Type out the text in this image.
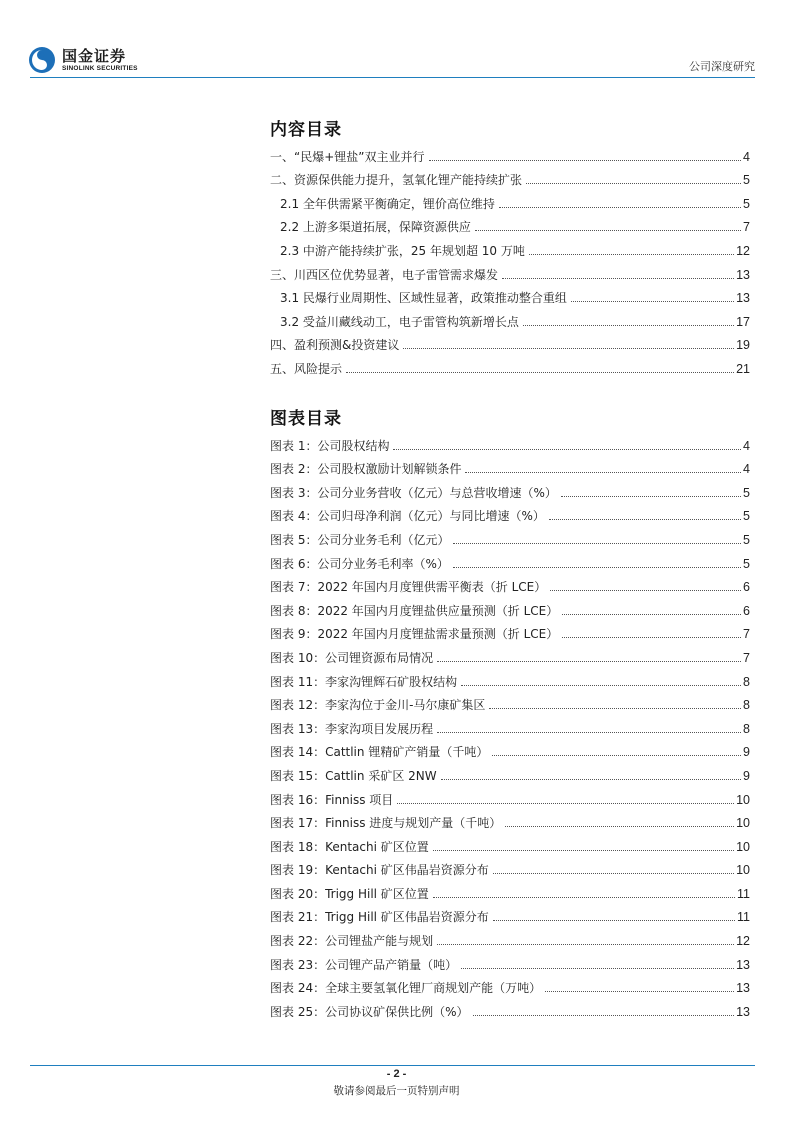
国金证券
SINOLINK SECURITIES	公司深度研究
内容目录
一、“民爆+锂盐”双主业并行	4
二、资源保供能力提升，氢氧化锂产能持续扩张	5
2.1 全年供需紧平衡确定，锂价高位维持	5
2.2 上游多渠道拓展，保障资源供应	7
2.3 中游产能持续扩张，25 年规划超 10 万吨	12
三、川西区位优势显著，电子雷管需求爆发	13
3.1 民爆行业周期性、区域性显著，政策推动整合重组	13
3.2 受益川藏线动工，电子雷管构筑新增长点	17
四、盈利预测&投资建议	19
五、风险提示	21
图表目录
图表 1：公司股权结构	4
图表 2：公司股权激励计划解锁条件	4
图表 3：公司分业务营收（亿元）与总营收增速（%）	5
图表 4：公司归母净利润（亿元）与同比增速（%）	5
图表 5：公司分业务毛利（亿元）	5
图表 6：公司分业务毛利率（%）	5
图表 7：2022 年国内月度锂供需平衡表（折 LCE）	6
图表 8：2022 年国内月度锂盐供应量预测（折 LCE）	6
图表 9：2022 年国内月度锂盐需求量预测（折 LCE）	7
图表 10：公司锂资源布局情况	7
图表 11：李家沟锂辉石矿股权结构	8
图表 12：李家沟位于金川-马尔康矿集区	8
图表 13：李家沟项目发展历程	8
图表 14：Cattlin 锂精矿产销量（千吨）	9
图表 15：Cattlin 采矿区 2NW	9
图表 16：Finniss 项目	10
图表 17：Finniss 进度与规划产量（千吨）	10
图表 18：Kentachi 矿区位置	10
图表 19：Kentachi 矿区伟晶岩资源分布	10
图表 20：Trigg Hill 矿区位置	11
图表 21：Trigg Hill 矿区伟晶岩资源分布	11
图表 22：公司锂盐产能与规划	12
图表 23：公司锂产品产销量（吨）	13
图表 24：全球主要氢氧化锂厂商规划产能（万吨）	13
图表 25：公司协议矿保供比例（%）	13
- 2 -
敬请参阅最后一页特别声明
